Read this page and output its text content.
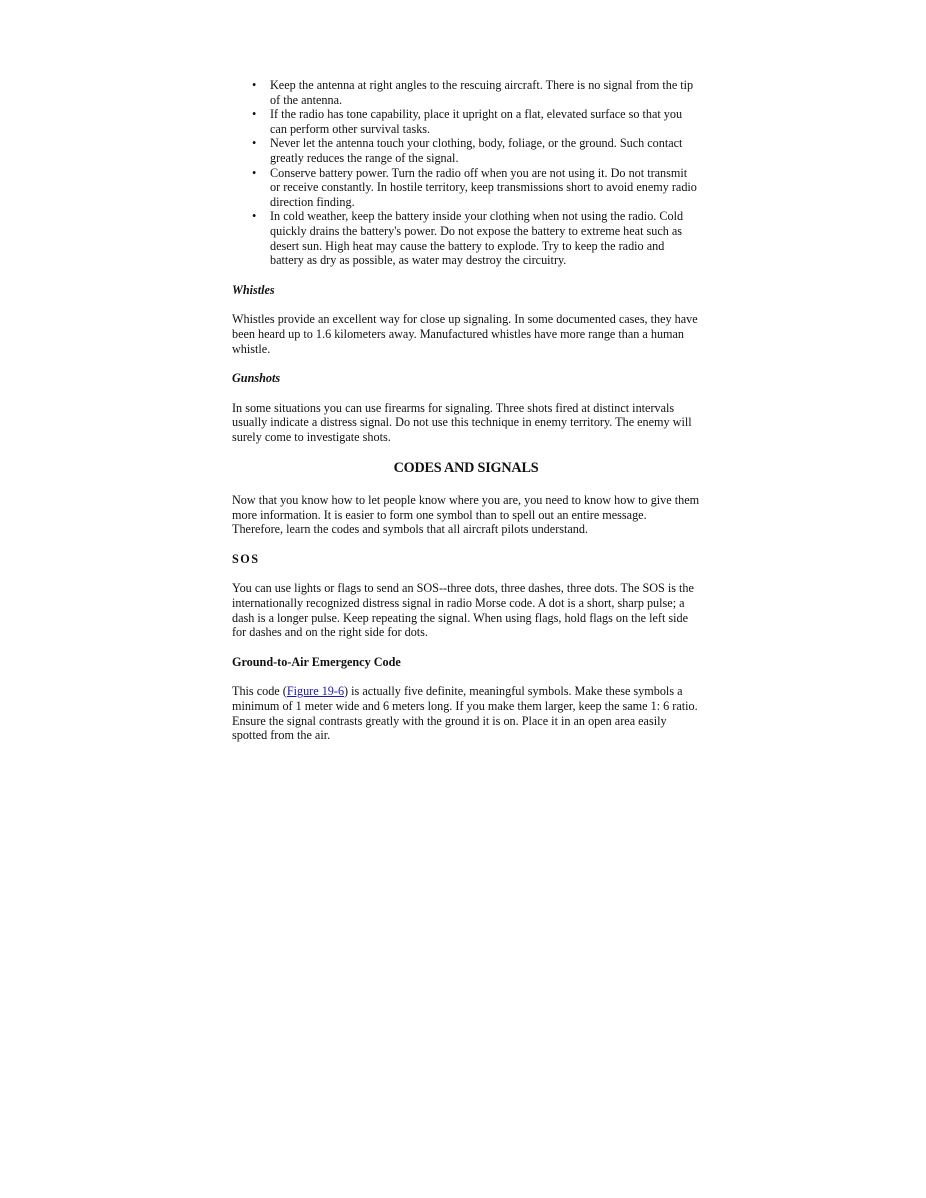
• Keep the antenna at right angles to the rescuing aircraft. There is no signal from the tip of the antenna.
• If the radio has tone capability, place it upright on a flat, elevated surface so that you can perform other survival tasks.
• Never let the antenna touch your clothing, body, foliage, or the ground. Such contact greatly reduces the range of the signal.
• Conserve battery power. Turn the radio off when you are not using it. Do not transmit or receive constantly. In hostile territory, keep transmissions short to avoid enemy radio direction finding.
• In cold weather, keep the battery inside your clothing when not using the radio. Cold quickly drains the battery's power. Do not expose the battery to extreme heat such as desert sun. High heat may cause the battery to explode. Try to keep the radio and battery as dry as possible, as water may destroy the circuitry.

Whistles

Whistles provide an excellent way for close up signaling. In some documented cases, they have been heard up to 1.6 kilometers away. Manufactured whistles have more range than a human whistle.

Gunshots

In some situations you can use firearms for signaling. Three shots fired at distinct intervals usually indicate a distress signal. Do not use this technique in enemy territory. The enemy will surely come to investigate shots.

CODES AND SIGNALS

Now that you know how to let people know where you are, you need to know how to give them more information. It is easier to form one symbol than to spell out an entire message. Therefore, learn the codes and symbols that all aircraft pilots understand.

SOS

You can use lights or flags to send an SOS--three dots, three dashes, three dots. The SOS is the internationally recognized distress signal in radio Morse code. A dot is a short, sharp pulse; a dash is a longer pulse. Keep repeating the signal. When using flags, hold flags on the left side for dashes and on the right side for dots.

Ground-to-Air Emergency Code

This code (Figure 19-6) is actually five definite, meaningful symbols. Make these symbols a minimum of 1 meter wide and 6 meters long. If you make them larger, keep the same 1: 6 ratio. Ensure the signal contrasts greatly with the ground it is on. Place it in an open area easily spotted from the air.
